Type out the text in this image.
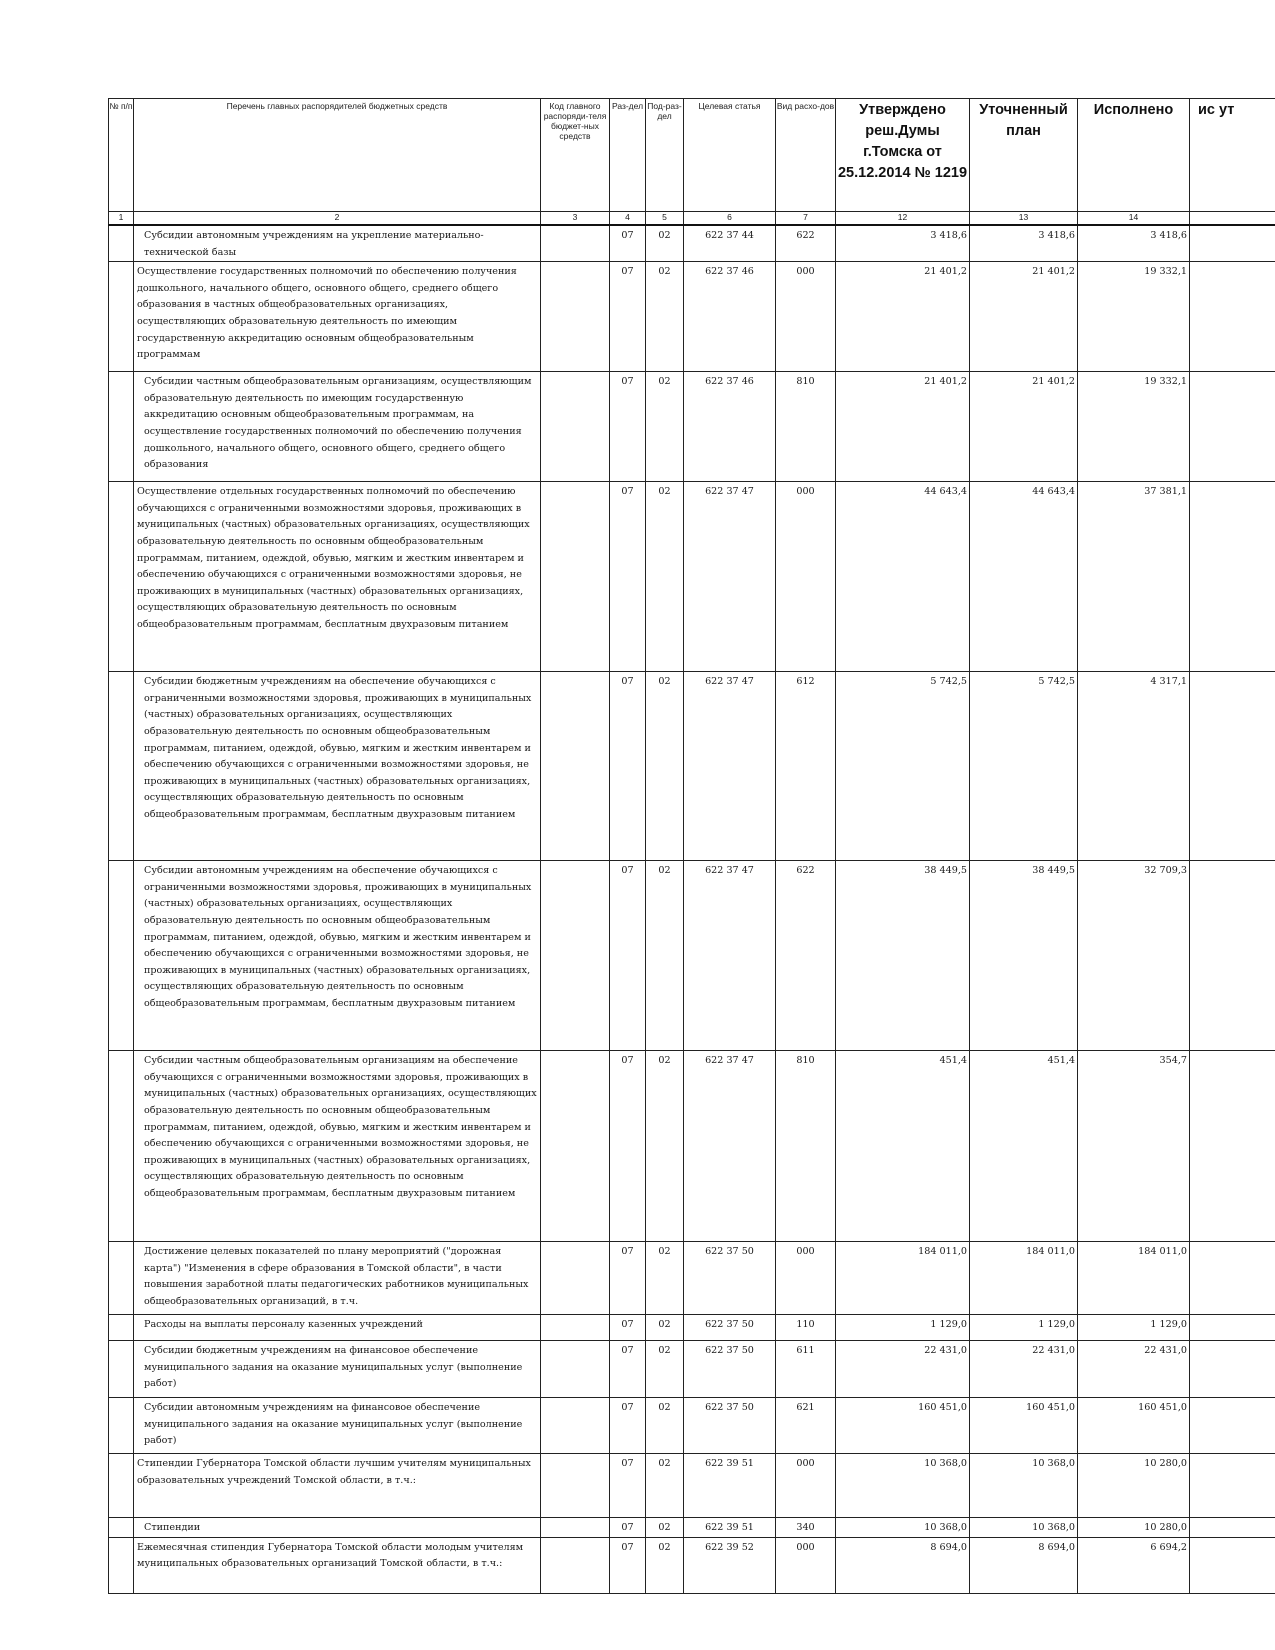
№ п/п	Перечень главных распорядителей бюджетных средств	Код главного распоряди-теля бюджет-ных средств	Раз-дел	Под-раз-дел	Целевая статья	Вид расхо-дов	Утверждено реш.Думы г.Томска от 25.12.2014 № 1219	Уточненный план	Исполнено	ис ут
1	2	3	4	5	6	7	12	13	14	
	Субсидии автономным учреждениям на укрепление материально-технической базы		07	02	622 37 44	622	3 418,6	3 418,6	3 418,6	
	Осуществление государственных полномочий по обеспечению получения дошкольного, начального общего, основного общего, среднего общего образования в частных общеобразовательных организациях, осуществляющих образовательную деятельность по имеющим государственную аккредитацию основным общеобразовательным программам		07	02	622 37 46	000	21 401,2	21 401,2	19 332,1	
	Субсидии частным общеобразовательным организациям, осуществляющим образовательную деятельность по имеющим государственную аккредитацию основным общеобразовательным программам, на осуществление государственных полномочий по обеспечению получения дошкольного, начального общего, основного общего, среднего общего образования		07	02	622 37 46	810	21 401,2	21 401,2	19 332,1	
	Осуществление отдельных государственных полномочий по обеспечению обучающихся с ограниченными возможностями здоровья, проживающих в муниципальных (частных) образовательных организациях, осуществляющих образовательную деятельность по основным общеобразовательным программам, питанием, одеждой, обувью, мягким и жестким инвентарем и обеспечению обучающихся с ограниченными возможностями здоровья, не проживающих в муниципальных (частных) образовательных организациях, осуществляющих образовательную деятельность по основным общеобразовательным программам, бесплатным двухразовым питанием		07	02	622 37 47	000	44 643,4	44 643,4	37 381,1	
	Субсидии бюджетным учреждениям на обеспечение обучающихся с ограниченными возможностями здоровья, проживающих в муниципальных (частных) образовательных организациях, осуществляющих образовательную деятельность по основным общеобразовательным программам, питанием, одеждой, обувью, мягким и жестким инвентарем и обеспечению обучающихся с ограниченными возможностями здоровья, не проживающих в муниципальных (частных) образовательных организациях, осуществляющих образовательную деятельность по основным общеобразовательным программам, бесплатным двухразовым питанием		07	02	622 37 47	612	5 742,5	5 742,5	4 317,1	
	Субсидии автономным учреждениям на обеспечение обучающихся с ограниченными возможностями здоровья, проживающих в муниципальных (частных) образовательных организациях, осуществляющих образовательную деятельность по основным общеобразовательным программам, питанием, одеждой, обувью, мягким и жестким инвентарем и обеспечению обучающихся с ограниченными возможностями здоровья, не проживающих в муниципальных (частных) образовательных организациях, осуществляющих образовательную деятельность по основным общеобразовательным программам, бесплатным двухразовым питанием		07	02	622 37 47	622	38 449,5	38 449,5	32 709,3	
	Субсидии частным общеобразовательным организациям на обеспечение обучающихся с ограниченными возможностями здоровья, проживающих в муниципальных (частных) образовательных организациях, осуществляющих образовательную деятельность по основным общеобразовательным программам, питанием, одеждой, обувью, мягким и жестким инвентарем и обеспечению обучающихся с ограниченными возможностями здоровья, не проживающих в муниципальных (частных) образовательных организациях, осуществляющих образовательную деятельность по основным общеобразовательным программам, бесплатным двухразовым питанием		07	02	622 37 47	810	451,4	451,4	354,7	
	Достижение целевых показателей по плану мероприятий ("дорожная карта") "Изменения в сфере образования в Томской области", в части повышения заработной платы педагогических работников муниципальных общеобразовательных организаций, в т.ч.		07	02	622 37 50	000	184 011,0	184 011,0	184 011,0	
	Расходы на выплаты персоналу казенных учреждений		07	02	622 37 50	110	1 129,0	1 129,0	1 129,0	
	Субсидии бюджетным учреждениям на финансовое обеспечение муниципального задания на оказание муниципальных услуг (выполнение работ)		07	02	622 37 50	611	22 431,0	22 431,0	22 431,0	
	Субсидии автономным учреждениям на финансовое обеспечение муниципального задания на оказание муниципальных услуг (выполнение работ)		07	02	622 37 50	621	160 451,0	160 451,0	160 451,0	
	Стипендии Губернатора Томской области лучшим учителям муниципальных образовательных учреждений Томской области, в т.ч.:		07	02	622 39 51	000	10 368,0	10 368,0	10 280,0	
	Стипендии		07	02	622 39 51	340	10 368,0	10 368,0	10 280,0	
	Ежемесячная стипендия Губернатора Томской области молодым учителям муниципальных образовательных организаций Томской области, в т.ч.:		07	02	622 39 52	000	8 694,0	8 694,0	6 694,2	
